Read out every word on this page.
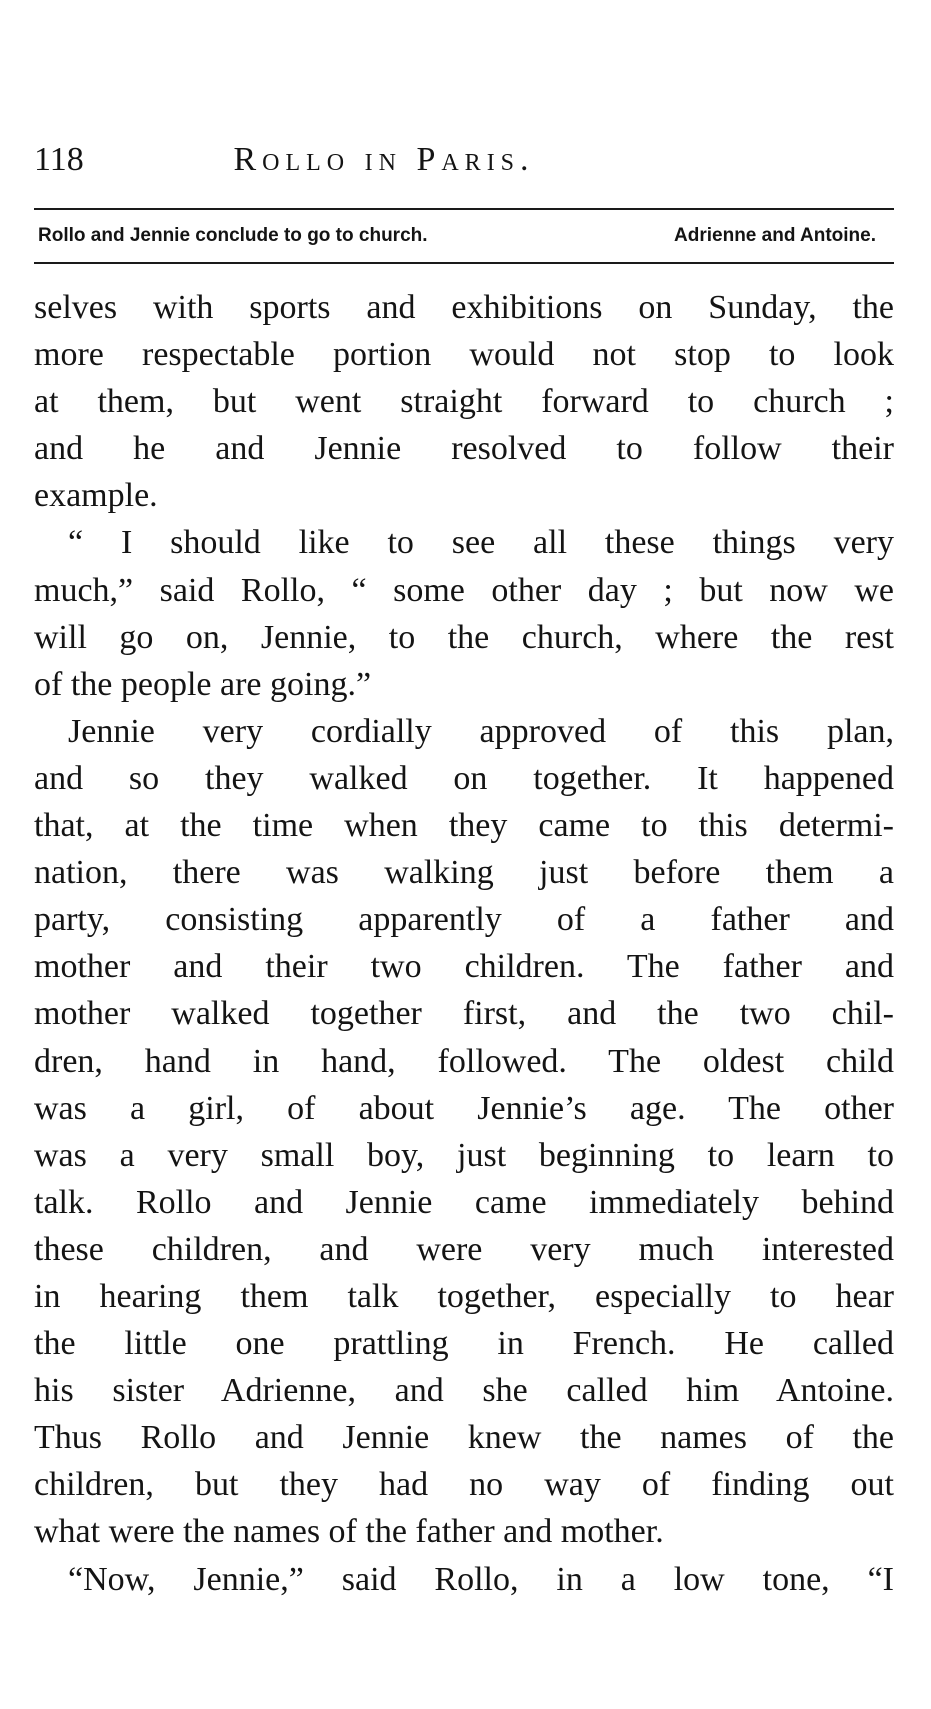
118	Rollo in Paris.
Rollo and Jennie conclude to go to church.	Adrienne and Antoine.
selves with sports and exhibitions on Sunday, the
more respectable portion would not stop to look
at them, but went straight forward to church ;
and he and Jennie resolved to follow their
example.
“ I should like to see all these things very
much,” said Rollo, “ some other day ; but now we
will go on, Jennie, to the church, where the rest
of the people are going.”
Jennie very cordially approved of this plan,
and so they walked on together. It happened
that, at the time when they came to this determi-
nation, there was walking just before them a
party, consisting apparently of a father and
mother and their two children. The father and
mother walked together first, and the two chil-
dren, hand in hand, followed. The oldest child
was a girl, of about Jennie’s age. The other
was a very small boy, just beginning to learn to
talk. Rollo and Jennie came immediately behind
these children, and were very much interested
in hearing them talk together, especially to hear
the little one prattling in French. He called
his sister Adrienne, and she called him Antoine.
Thus Rollo and Jennie knew the names of the
children, but they had no way of finding out
what were the names of the father and mother.
“Now, Jennie,” said Rollo, in a low tone, “I
